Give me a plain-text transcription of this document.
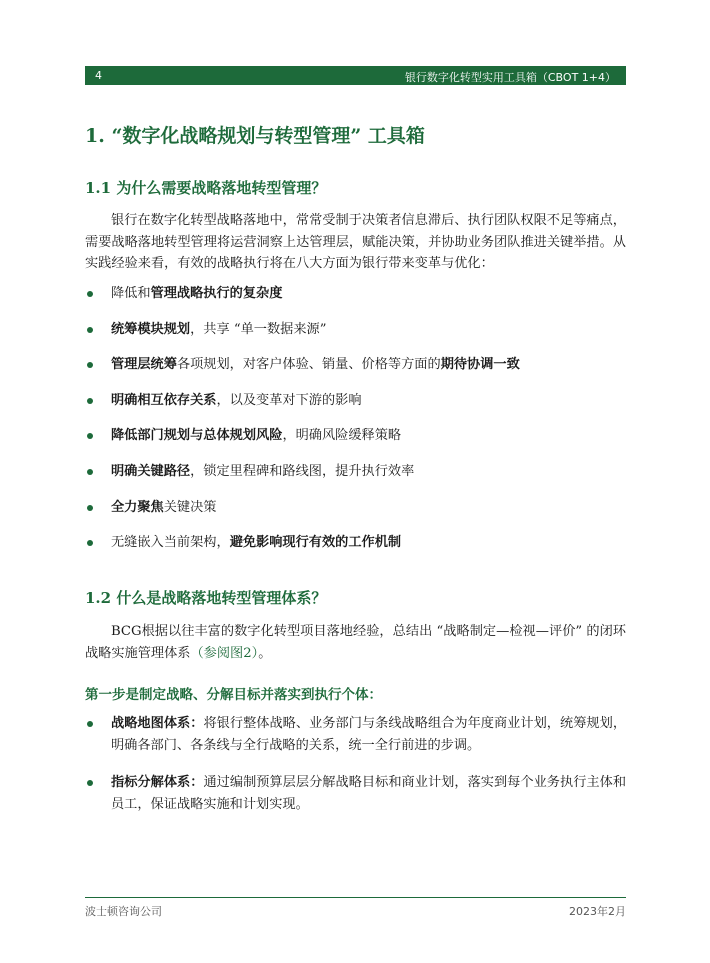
4	银行数字化转型实用工具箱（CBOT 1+4）
1. “数字化战略规划与转型管理” 工具箱
1.1 为什么需要战略落地转型管理？

银行在数字化转型战略落地中，常常受制于决策者信息滞后、执行团队权限不足等痛点，需要战略落地转型管理将运营洞察上达管理层，赋能决策，并协助业务团队推进关键举措。从实践经验来看，有效的战略执行将在八大方面为银行带来变革与优化：

降低和管理战略执行的复杂度
统筹模块规划，共享 “单一数据来源”
管理层统筹各项规划，对客户体验、销量、价格等方面的期待协调一致
明确相互依存关系，以及变革对下游的影响
降低部门规划与总体规划风险，明确风险缓释策略
明确关键路径，锁定里程碑和路线图，提升执行效率
全力聚焦关键决策
无缝嵌入当前架构，避免影响现行有效的工作机制
1.2 什么是战略落地转型管理体系？

BCG根据以往丰富的数字化转型项目落地经验，总结出 “战略制定—检视—评价” 的闭环战略实施管理体系（参阅图2）。

第一步是制定战略、分解目标并落实到执行个体：
战略地图体系：将银行整体战略、业务部门与条线战略组合为年度商业计划，统筹规划，明确各部门、各条线与全行战略的关系，统一全行前进的步调。
指标分解体系：通过编制预算层层分解战略目标和商业计划，落实到每个业务执行主体和员工，保证战略实施和计划实现。
波士顿咨询公司	2023年2月
